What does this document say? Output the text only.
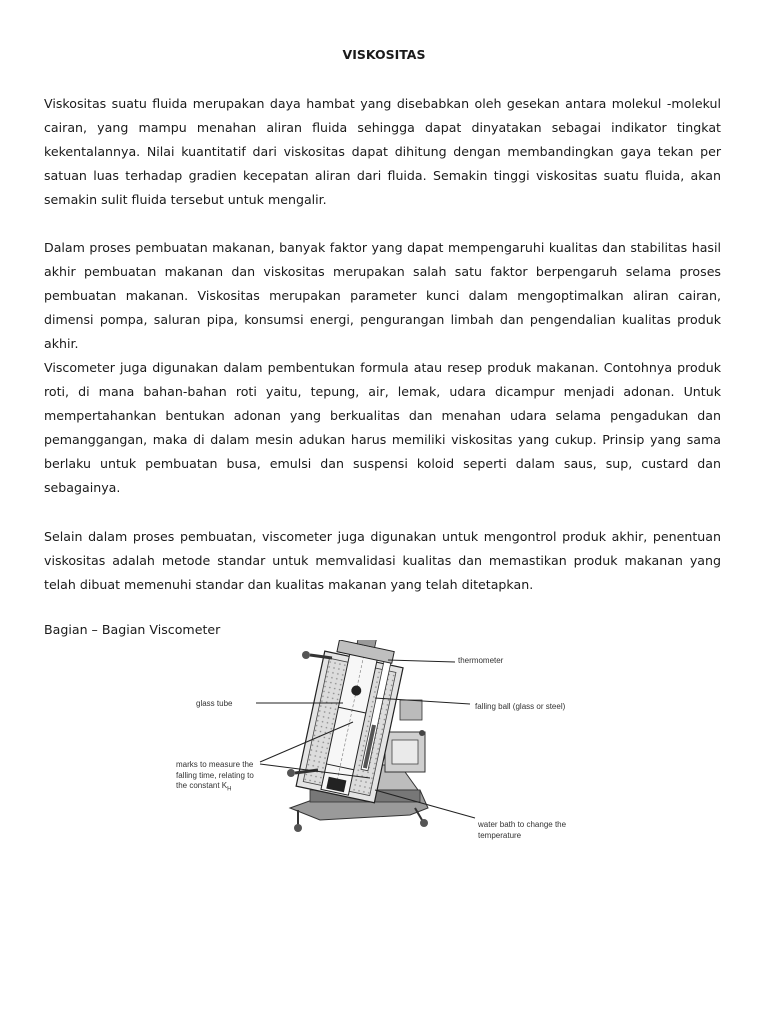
VISKOSITAS

Viskositas suatu fluida merupakan daya hambat yang disebabkan oleh gesekan antara molekul -molekul cairan, yang mampu menahan aliran fluida sehingga dapat dinyatakan sebagai indikator tingkat kekentalannya. Nilai kuantitatif dari viskositas dapat dihitung dengan membandingkan gaya tekan per satuan luas terhadap gradien kecepatan aliran dari fluida. Semakin tinggi viskositas suatu fluida, akan semakin sulit fluida tersebut untuk mengalir.

Dalam proses pembuatan makanan, banyak faktor yang dapat mempengaruhi kualitas dan stabilitas hasil akhir pembuatan makanan dan viskositas merupakan salah satu faktor berpengaruh selama proses pembuatan makanan. Viskositas merupakan parameter kunci dalam mengoptimalkan aliran cairan, dimensi pompa, saluran pipa, konsumsi energi, pengurangan limbah dan pengendalian kualitas produk akhir.

Viscometer juga digunakan dalam pembentukan formula atau resep produk makanan. Contohnya produk roti, di mana bahan-bahan roti yaitu, tepung, air, lemak, udara dicampur menjadi adonan. Untuk mempertahankan bentukan adonan yang berkualitas dan menahan udara selama pengadukan dan pemanggangan, maka di dalam mesin adukan harus memiliki viskositas yang cukup. Prinsip yang sama berlaku untuk pembuatan busa, emulsi dan suspensi koloid seperti dalam saus, sup, custard dan sebagainya.

Selain dalam proses pembuatan, viscometer juga digunakan untuk mengontrol produk akhir, penentuan viskositas adalah metode standar untuk memvalidasi kualitas dan memastikan produk makanan yang telah dibuat memenuhi standar dan kualitas makanan yang telah ditetapkan.

Bagian – Bagian Viscometer
thermometer
glass tube	falling ball (glass or steel)
marks to measure the falling time, relating to the constant $K_H$
water bath to change the temperature
